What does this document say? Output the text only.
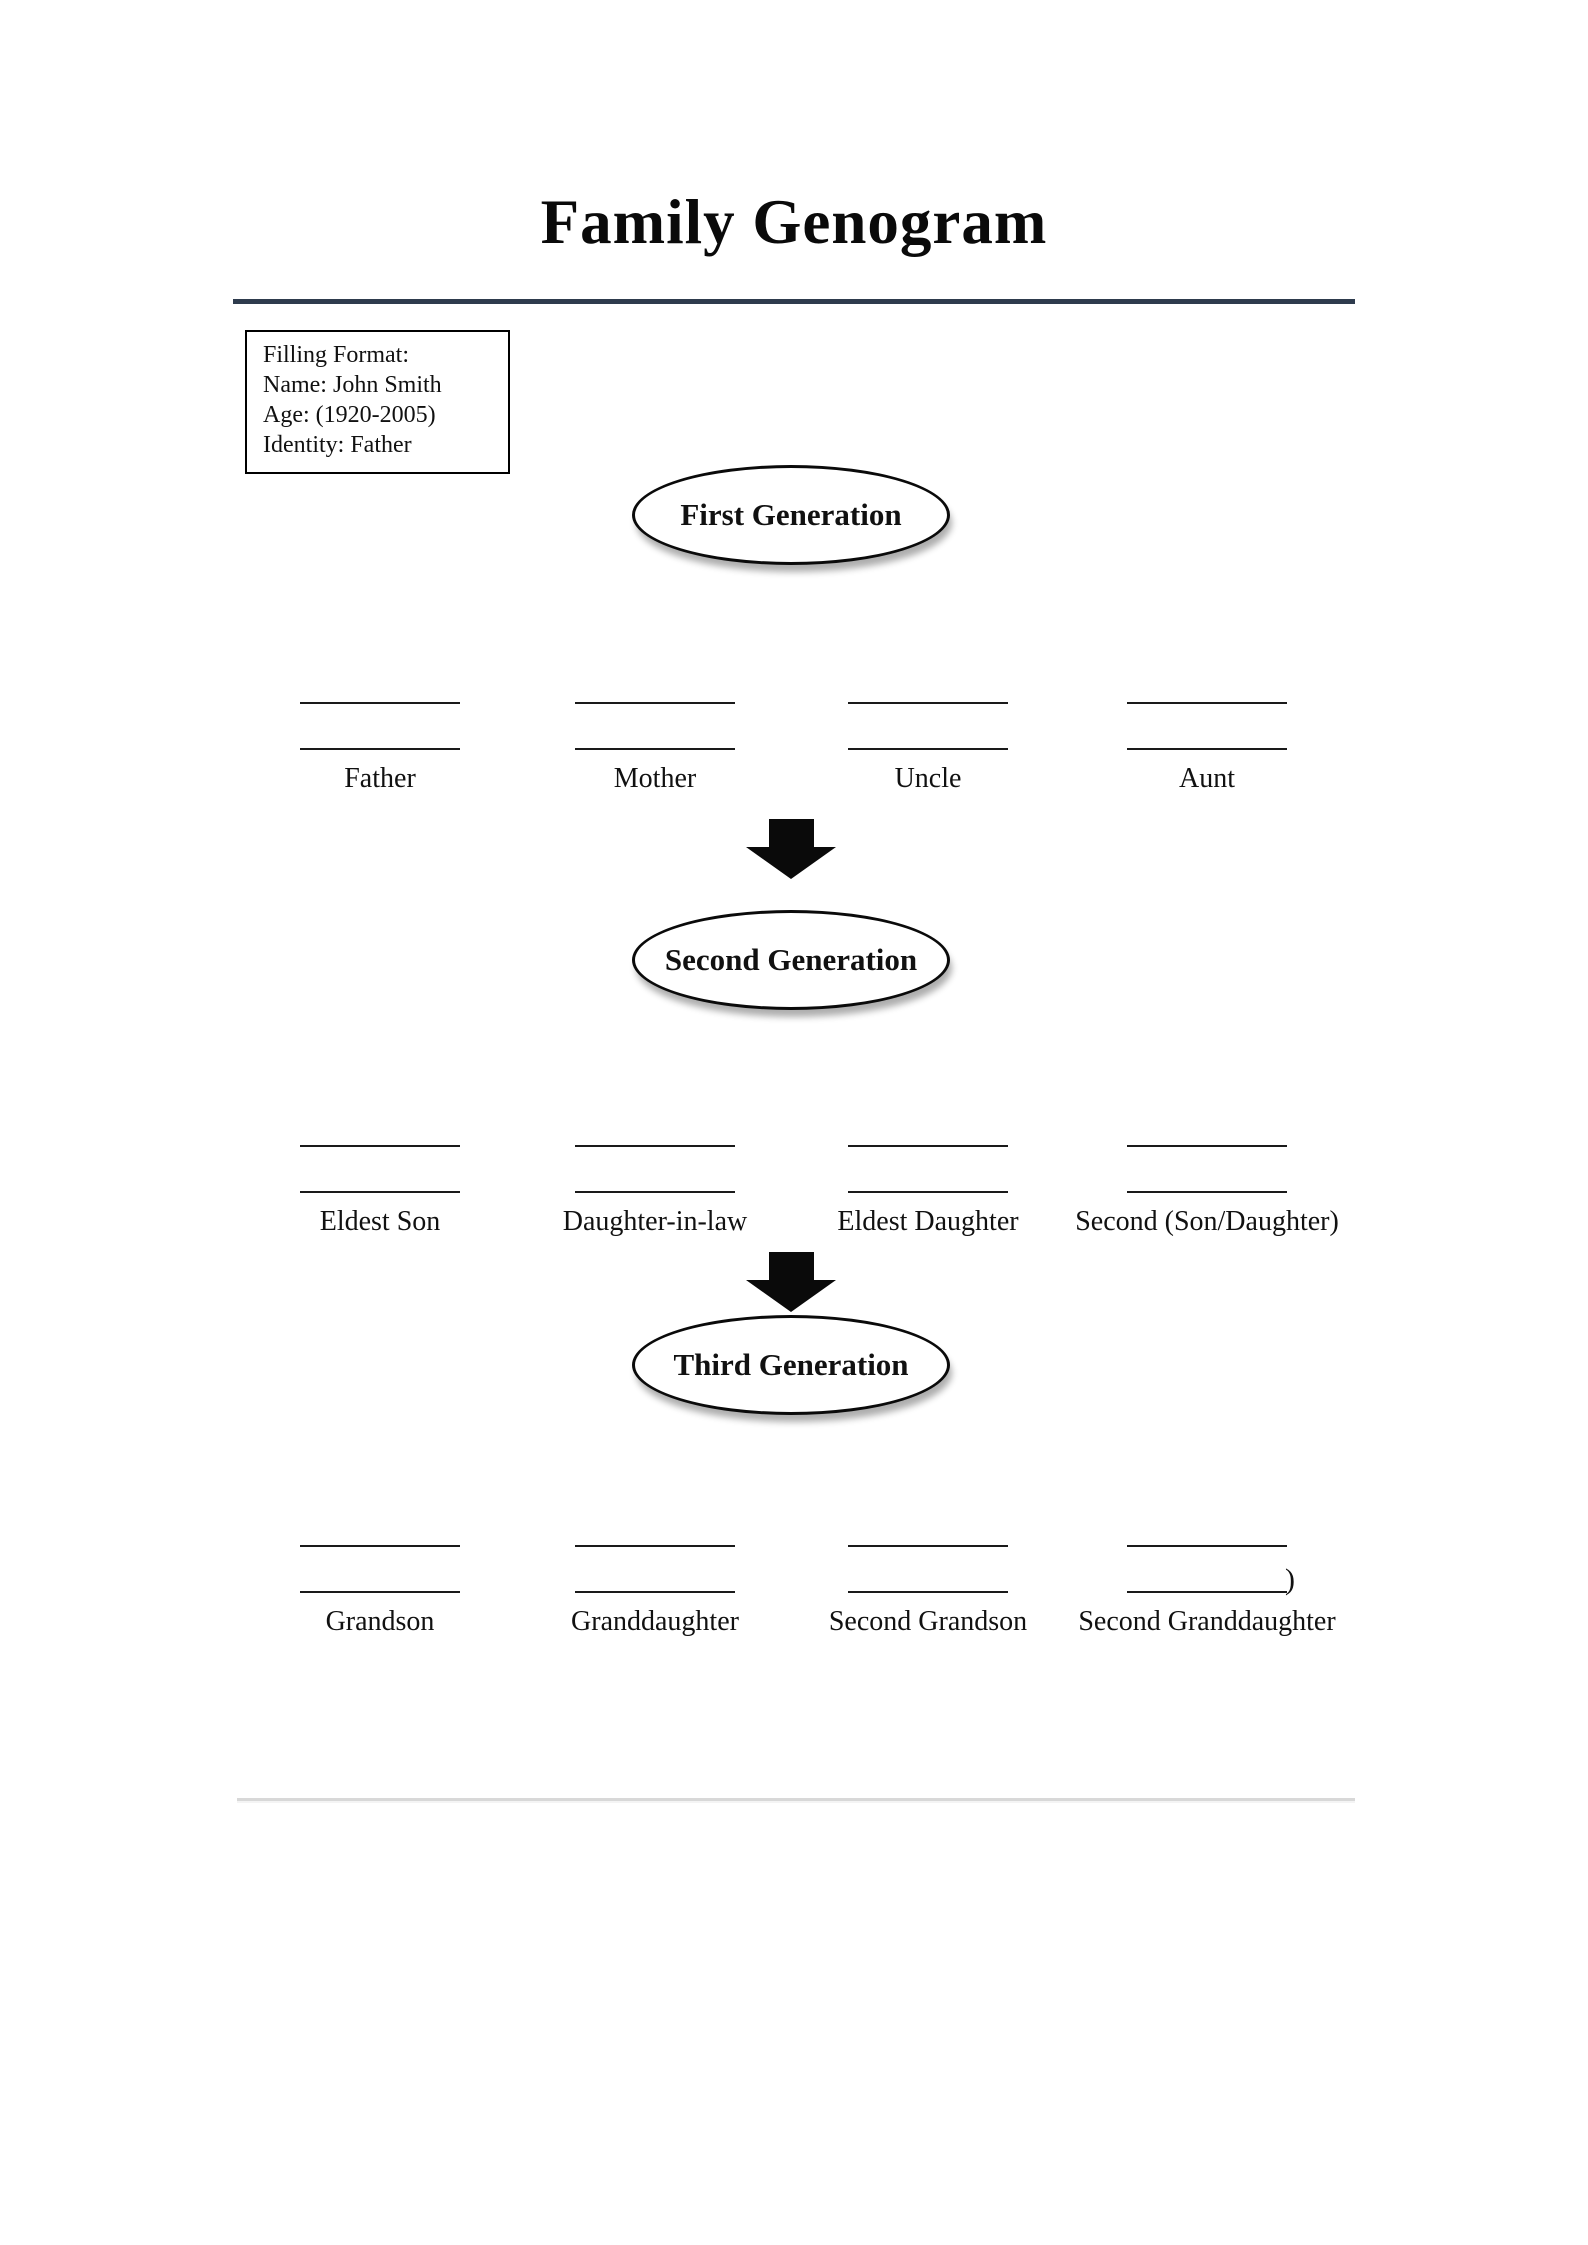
Family Genogram
Filling Format:
Name: John Smith
Age: (1920-2005)
Identity: Father
First Generation
Father	Mother	Uncle	Aunt
Second Generation
Eldest Son	Daughter-in-law	Eldest Daughter Second (Son/Daughter)
Third Generation
Grandson	Granddaughter	Second Grandson
)
Second Granddaughter
